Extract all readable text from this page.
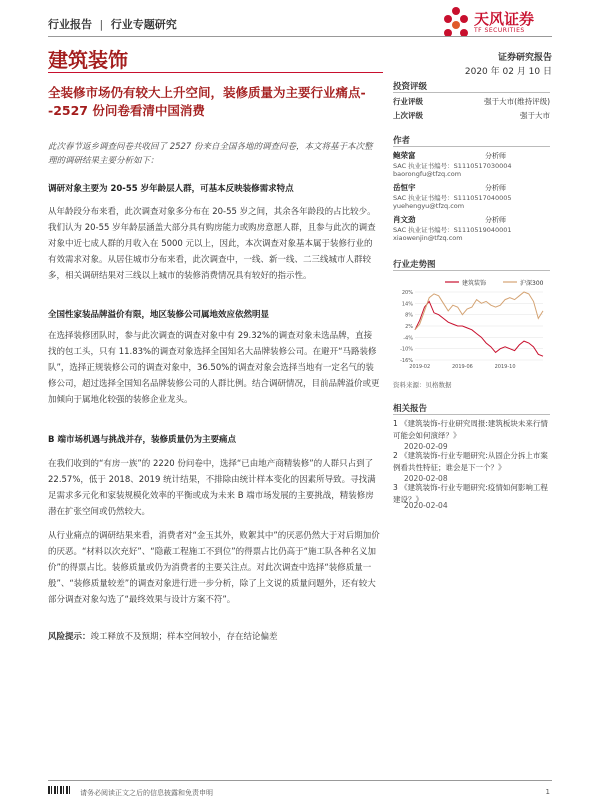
行业报告 | 行业专题研究	天风证券
TF SECURITIES
建筑装饰	证券研究报告
2020 年 02 月 10 日
全装修市场仍有较大上升空间，装修质量为主要行业痛点--2527 份问卷看清中国消费
此次春节返乡调查问卷共收回了 2527 份来自全国各地的调查问卷，本文将基于本次整理的调研结果主要分析如下：
调研对象主要为 20-55 岁年龄层人群，可基本反映装修需求特点
从年龄段分布来看，此次调查对象多分布在 20-55 岁之间，其余各年龄段的占比较少。我们认为 20-55 岁年龄层涵盖大部分具有购房能力或购房意愿人群，且参与此次的调查对象中近七成人群的月收入在 5000 元以上，因此，本次调查对象基本属于装修行业的有效需求对象。从居住城市分布来看，此次调查中，一线、新一线、二三线城市人群较多，相关调研结果对三线以上城市的装修消费情况具有较好的指示性。
全国性家装品牌溢价有限，地区装修公司属地效应依然明显
在选择装修团队时，参与此次调查的调查对象中有 29.32%的调查对象未选品牌，直接找的包工头，只有 11.83%的调查对象选择全国知名大品牌装修公司。在避开“马路装修队”，选择正规装修公司的调查对象中，36.50%的调查对象会选择当地有一定名气的装修公司，超过选择全国知名品牌装修公司的人群比例。结合调研情况，目前品牌溢价或更加倾向于属地化较强的装修企业龙头。
B 端市场机遇与挑战并存，装修质量仍为主要痛点
在我们收到的“有房一族”的 2220 份问卷中，选择“已由地产商精装修”的人群只占到了 22.57%，低于 2018、2019 统计结果，不排除由统计样本变化的因素所导致。寻找满足需求多元化和家装规模化效率的平衡或成为未来 B 端市场发展的主要挑战，精装修房潜在扩张空间或仍然较大。
从行业痛点的调研结果来看，消费者对“金玉其外，败絮其中”的厌恶仍然大于对后期加价的厌恶。“材料以次充好”、“隐蔽工程施工不到位”的得票占比仍高于“施工队各种名义加价”的得票占比。装修质量或仍为消费者的主要关注点。对此次调查中选择“装修质量一般”、“装修质量较差”的调查对象进行进一步分析，除了上文说的质量问题外，还有较大部分调查对象勾选了“最终效果与设计方案不符”。
风险提示：竣工释放不及预期；样本空间较小，存在结论偏差
投资评级
行业评级	强于大市(维持评级)
上次评级	强于大市
作者
鲍荣富	分析师
SAC 执业证书编号：S1110517030004
baorongfu@tfzq.com
岳恒宇	分析师
SAC 执业证书编号：S1110517040005
yuehengyu@tfzq.com
肖文劲	分析师
SAC 执业证书编号：S1110519040001
xiaowenjin@tfzq.com
行业走势图
建筑装饰	沪深300
20%
14%
8%
2%
-4%
-10%
-16%
2019-02	2019-06	2019-10
资料来源：贝格数据
相关报告
1 《建筑装饰-行业研究周报:建筑板块未来行情可能会如何演绎？》
2020-02-09
2 《建筑装饰-行业专题研究:从固企分拆上市案例看共性特征；谁会是下一个？》
2020-02-08
3 《建筑装饰-行业专题研究:疫情如何影响工程建设？》
2020-02-04
请务必阅读正文之后的信息披露和免责申明	1
